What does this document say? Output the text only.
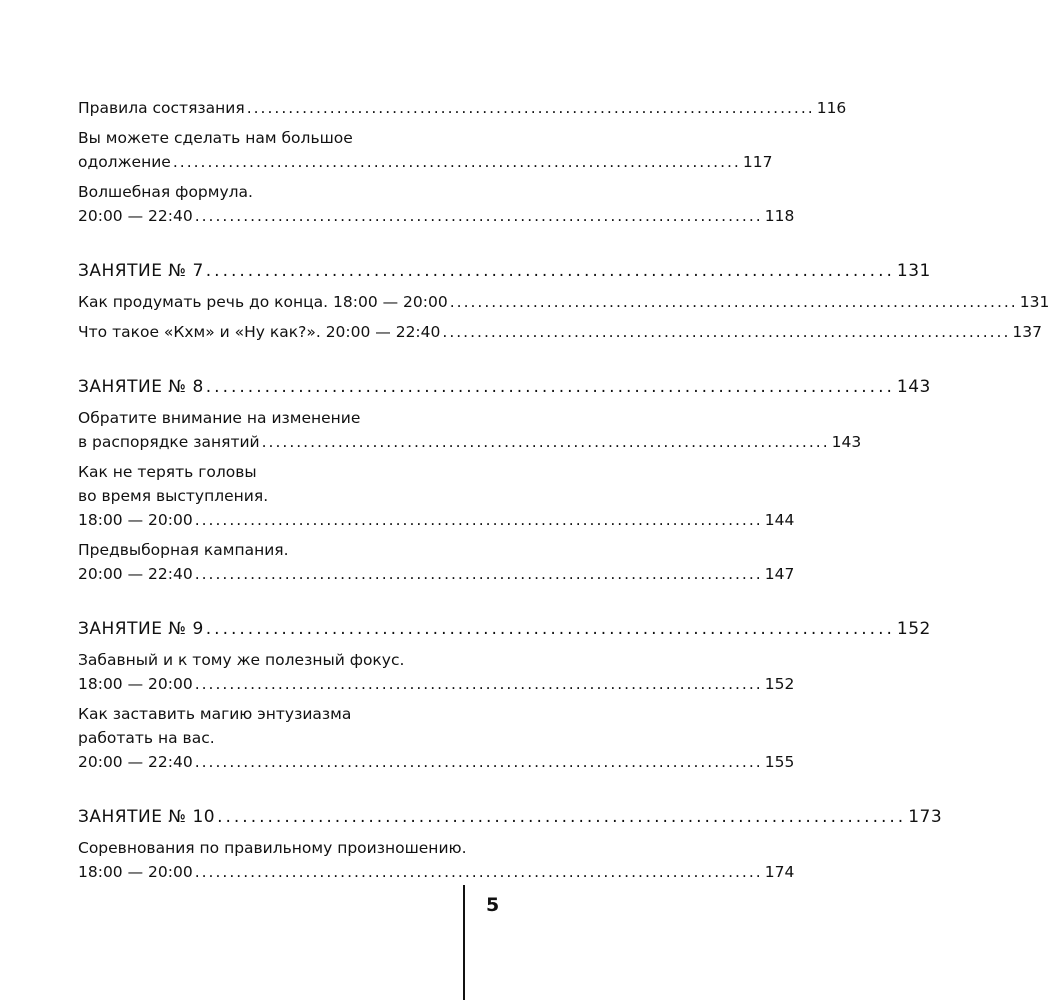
Правила состязания .................................................................................. 116
Вы можете сделать нам большое
одолжение .................................................................................. 117
Волшебная формула.
20:00 — 22:40 .................................................................................. 118
ЗАНЯТИЕ № 7 .................................................................................. 131
Как продумать речь до конца. 18:00 — 20:00 .................................................................................. 131
Что такое «Кхм» и «Ну как?». 20:00 — 22:40 .................................................................................. 137
ЗАНЯТИЕ № 8 .................................................................................. 143
Обратите внимание на изменение
в распорядке занятий .................................................................................. 143
Как не терять головы
во время выступления.
18:00 — 20:00 .................................................................................. 144
Предвыборная кампания.
20:00 — 22:40 .................................................................................. 147
ЗАНЯТИЕ № 9 .................................................................................. 152
Забавный и к тому же полезный фокус.
18:00 — 20:00 .................................................................................. 152
Как заставить магию энтузиазма
работать на вас.
20:00 — 22:40 .................................................................................. 155
ЗАНЯТИЕ № 10 .................................................................................. 173
Соревнования по правильному произношению.
18:00 — 20:00 .................................................................................. 174
5
